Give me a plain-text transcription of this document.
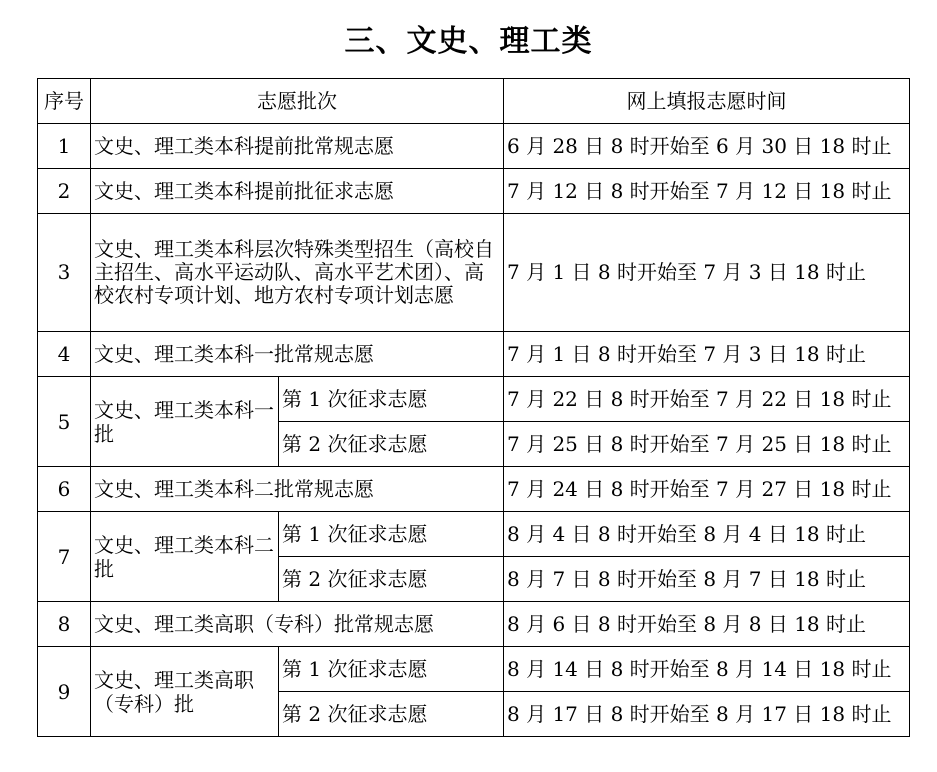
三、文史、理工类
序号	志愿批次		网上填报志愿时间
1	文史、理工类本科提前批常规志愿		6 月 28 日 8 时开始至 6 月 30 日 18 时止
2	文史、理工类本科提前批征求志愿		7 月 12 日 8 时开始至 7 月 12 日 18 时止
3	文史、理工类本科层次特殊类型招生（高校自主招生、高水平运动队、高水平艺术团）、高校农村专项计划、地方农村专项计划志愿		7 月 1 日 8 时开始至 7 月 3 日 18 时止
4	文史、理工类本科一批常规志愿		7 月 1 日 8 时开始至 7 月 3 日 18 时止
5	文史、理工类本科一批	第 1 次征求志愿	7 月 22 日 8 时开始至 7 月 22 日 18 时止
		第 2 次征求志愿	7 月 25 日 8 时开始至 7 月 25 日 18 时止
6	文史、理工类本科二批常规志愿		7 月 24 日 8 时开始至 7 月 27 日 18 时止
7	文史、理工类本科二批	第 1 次征求志愿	8 月 4 日 8 时开始至 8 月 4 日 18 时止
		第 2 次征求志愿	8 月 7 日 8 时开始至 8 月 7 日 18 时止
8	文史、理工类高职（专科）批常规志愿		8 月 6 日 8 时开始至 8 月 8 日 18 时止
9	文史、理工类高职（专科）批	第 1 次征求志愿	8 月 14 日 8 时开始至 8 月 14 日 18 时止
		第 2 次征求志愿	8 月 17 日 8 时开始至 8 月 17 日 18 时止
